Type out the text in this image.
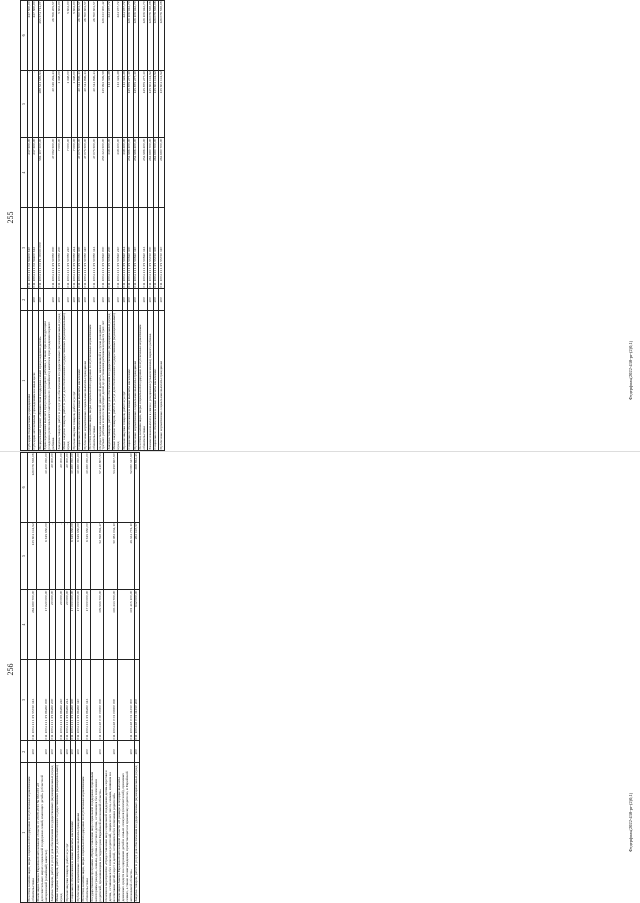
255
1	2	3	4	5	6
Субсидии бюджетным учреждениям		011 1004 11 1 02 59400 610	237 500,00	-	237 500,00
Субсидии автономным учреждениям на иные цели	200	011 1004 11 1 02 59400 612	237 500,00	-	237 500,00
Федеральный проект «Финансовая поддержка семей при рождении детей»	200	011 1004 11 1 03 P1 00000 000	584 107 500,00	288 531 985,93	295 574 714,07
Единовременная выплата при рождении первого ребенка, а также при последующем рождении регионального материнского (семейного) капитала при рождении первого ребенка	200	011 1004 11 1 P1 50780 000	47 082 500,00	20 316 294,43	26 766 205,57
Закупка товаров, работ и услуг для обеспечения государственных (муниципальных) нужд	200	011 1004 11 1 P1 50780 200	7 000,00	1 398,00	5 602,00
Иные закупки товаров, работ и услуг для обеспечения государственных (муниципальных) нужд	200	011 1004 11 1 P1 50780 240	7 000,00	1 398,00	5 602,00
Прочая закупка товаров, работ и услуг	200	011 1004 11 1 P1 50780 244	7 000,00	1 398,00	5 602,00
Социальное обеспечение и иные выплаты населению	200	011 1004 11 1 P1 50780 300	47 075 500,00	20 314 896,43	26 760 603,57
Публичные нормативные социальные выплаты гражданам	200	011 1004 11 1 P1 50780 310	47 075 500,00	20 314 896,43	26 760 603,57
Пособия, компенсации, меры социальной поддержки по публичным нормативным обязательствам	200	011 1004 11 1 P1 50780 313	47 075 500,00	20 314 896,43	26 760 603,57
Осуществление ежемесячной денежной выплаты, назначаемой в случае рождения третьего ребенка или последующих детей до достижения ребенком возраста трех лет	200	011 1004 11 1 P1 50840 000	255 324 500,00	125 992 599,58	129 331 900,42
Закупка товаров, работ и услуг для обеспечения государственных (муниципальных) нужд	200	011 1004 11 1 P1 50840 200	338 300,00	113 322,28	224 977,72
Иные закупки товаров, работ и услуг для обеспечения государственных (муниципальных) нужд	200	011 1004 11 1 P1 50840 240	338 300,00	113 322,28	224 977,72
Прочая закупка товаров, работ и услуг	200	011 1004 11 1 P1 50840 244	338 300,00	113 322,28	224 977,72
Социальное обеспечение и иные выплаты населению	200	011 1004 11 1 P1 50840 300	254 986 200,00	125 879 277,30	129 106 922,70
Публичные нормативные социальные выплаты гражданам	200	011 1004 11 1 P1 50840 310	254 986 200,00	125 879 277,30	129 106 922,70
Пособия, компенсации, меры социальной поддержки по публичным нормативным обязательствам	200	011 1004 11 1 P1 50840 313	254 986 200,00	125 879 277,30	129 106 922,70
Ежемесячная выплата в связи с рождением (усыновлением) первого ребенка	200	011 1004 11 1 P1 55730 000	264 680 700,00	135 604 141,92	129 076 558,08
Социальное обеспечение и иные выплаты населению	200	011 1004 11 1 P1 55730 300	264 680 700,00	135 604 141,92	129 076 558,08
Публичные нормативные социальные выплаты гражданам	200	011 1004 11 1 P1 55730 310	264 680 700,00	135 604 141,92	129 076 558,08
Федерфоль(2022-430-pr-(2)0,1)
256
1	2	3	4	5	6
Пособия, компенсации, меры социальной поддержки по публичным нормативным обязательствам	200	011 1004 11 1 P1 55730 313	264 680 700,00	135 604 141,92	129 076 558,08
Реализация Закона Еврейской автономной области от 29.06.2011 № 963-ОЗ «О дополнительных мерах социальной поддержки семей, имеющих детей» (областной материнский (семейный) капитал)	200	011 1004 11 1 P1 86260 000	17 020 000,00	6 619 950,00	10 400 050,00
Закупка товаров, работ и услуг для обеспечения государственных (муниципальных) нужд	200	011 1004 11 1 P1 86260 200	20 000,00	-	20 000,00
Иные закупки товаров, работ и услуг для обеспечения государственных (муниципальных) нужд	200	011 1004 11 1 P1 86260 240	20 000,00	-	20 000,00
Прочая закупка товаров, работ и услуг	200	011 1004 11 1 P1 86260 244	20 000,00	-	20 000,00
Социальное обеспечение и иные выплаты населению	200	011 1004 11 1 P1 86260 300	17 000 000,00	6 619 950,00	10 380 050,00
Публичные нормативные социальные выплаты гражданам	200	011 1004 11 1 P1 86260 310	17 000 000,00	6 619 950,00	10 380 050,00
Пособия, компенсации, меры социальной поддержки по публичным нормативным обязательствам	200	011 1004 11 1 P1 86260 313	17 000 000,00	6 619 950,00	10 380 050,00
Государственная программа «Предоставление мер социальной поддержки отдельным категориям граждан, семьям, детям-сиротам и детям, оставшимся без попечения родителей, проживающим на территории Еврейской автономной области»	200	011 1004 28 0 00 00000 000	109 999 700,00	52 598 892,47	57 410 807,53
Основное мероприятие «Предоставление мер социальной поддержки детям-сиротам и детям, оставшимся без попечения родителей, лицам из их числа, семьям, взявшим на воспитание детей-сирот и детей, оставшихся без попечения родителей»	200	011 1004 28 0 01 00000 000	103 333 700,00	50 083 032,10	53 250 667,90
Реализация Закона Еврейской автономной области «О размере и порядке выплаты денежных средств на содержание детей в семьях опекунов (попечителей), приемных семьях, а также вознаграждения, причитающегося приемному родителю, в Еврейской автономной области»	200	011 1004 28 0 01 11350 000	101 415 100,00	49 334 772,10	52 080 327,90
Закупка товаров, работ и услуг для обеспечения государственных (муниципальных) нужд	200	011 1004 28 0 01 11350 200	632 000,00	263 147,57	368 852,43
Федерфоль(2022-430-pr-(2)0,1)
